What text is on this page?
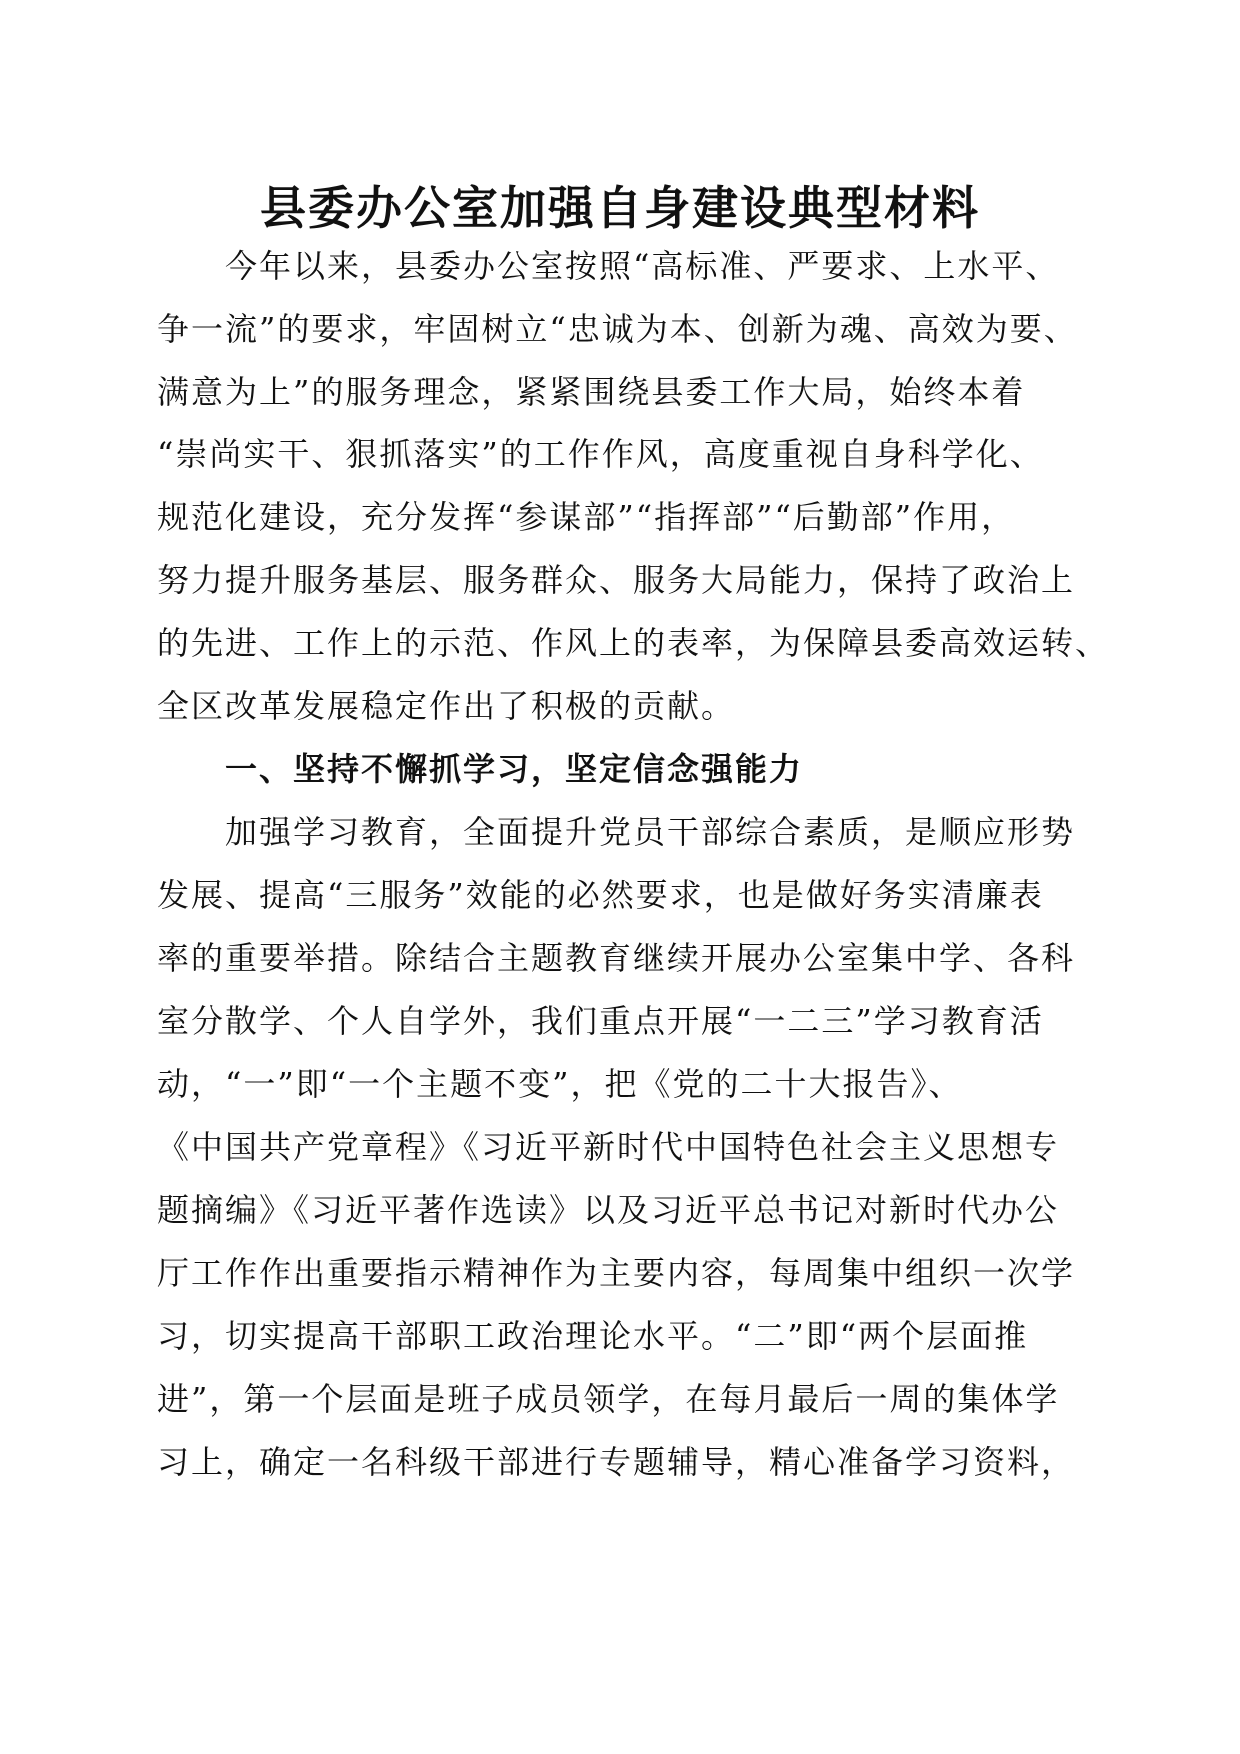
县委办公室加强自身建设典型材料

　　今年以来，县委办公室按照“高标准、严要求、上水平、

争一流”的要求，牢固树立“忠诚为本、创新为魂、高效为要、

满意为上”的服务理念，紧紧围绕县委工作大局，始终本着

“崇尚实干、狠抓落实”的工作作风，高度重视自身科学化、

规范化建设，充分发挥“参谋部”“指挥部”“后勤部”作用，

努力提升服务基层、服务群众、服务大局能力，保持了政治上

的先进、工作上的示范、作风上的表率，为保障县委高效运转、

全区改革发展稳定作出了积极的贡献。

　　一、坚持不懈抓学习，坚定信念强能力

　　加强学习教育，全面提升党员干部综合素质，是顺应形势

发展、提高“三服务”效能的必然要求，也是做好务实清廉表

率的重要举措。除结合主题教育继续开展办公室集中学、各科

室分散学、个人自学外，我们重点开展“一二三”学习教育活

动，“一”即“一个主题不变”，把《党的二十大报告》、

《中国共产党章程》《习近平新时代中国特色社会主义思想专

题摘编》《习近平著作选读》以及习近平总书记对新时代办公

厅工作作出重要指示精神作为主要内容，每周集中组织一次学

习，切实提高干部职工政治理论水平。“二”即“两个层面推

进”，第一个层面是班子成员领学，在每月最后一周的集体学

习上，确定一名科级干部进行专题辅导，精心准备学习资料，
